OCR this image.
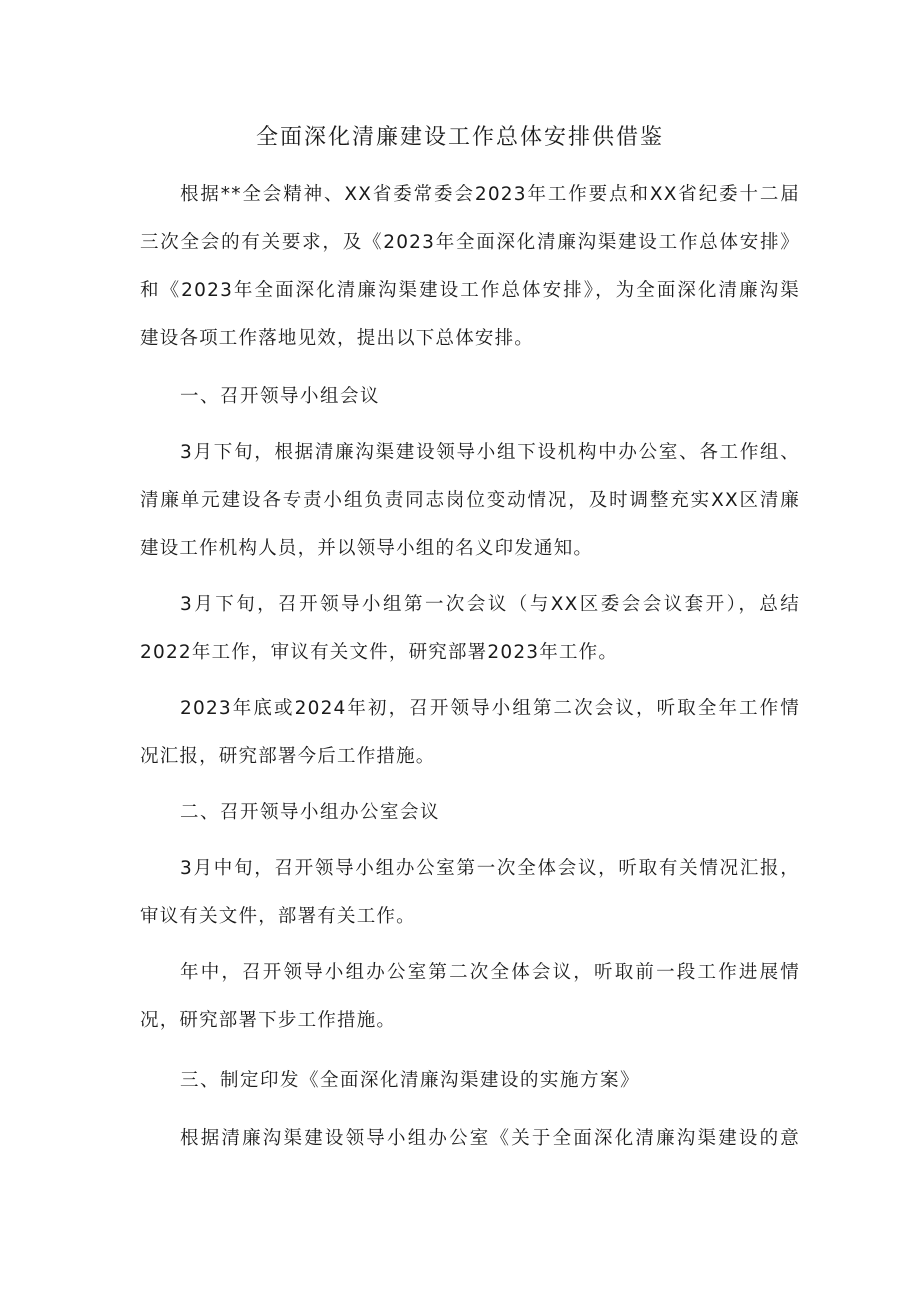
全面深化清廉建设工作总体安排供借鉴
根据**全会精神、XX省委常委会2023年工作要点和XX省纪委十二届
三次全会的有关要求，及《2023年全面深化清廉沟渠建设工作总体安排》
和《2023年全面深化清廉沟渠建设工作总体安排》，为全面深化清廉沟渠
建设各项工作落地见效，提出以下总体安排。
一、召开领导小组会议
3月下旬，根据清廉沟渠建设领导小组下设机构中办公室、各工作组、
清廉单元建设各专责小组负责同志岗位变动情况，及时调整充实XX区清廉
建设工作机构人员，并以领导小组的名义印发通知。
3月下旬，召开领导小组第一次会议（与XX区委会会议套开），总结
2022年工作，审议有关文件，研究部署2023年工作。
2023年底或2024年初，召开领导小组第二次会议，听取全年工作情
况汇报，研究部署今后工作措施。
二、召开领导小组办公室会议
3月中旬，召开领导小组办公室第一次全体会议，听取有关情况汇报，
审议有关文件，部署有关工作。
年中，召开领导小组办公室第二次全体会议，听取前一段工作进展情
况，研究部署下步工作措施。
三、制定印发《全面深化清廉沟渠建设的实施方案》
根据清廉沟渠建设领导小组办公室《关于全面深化清廉沟渠建设的意
